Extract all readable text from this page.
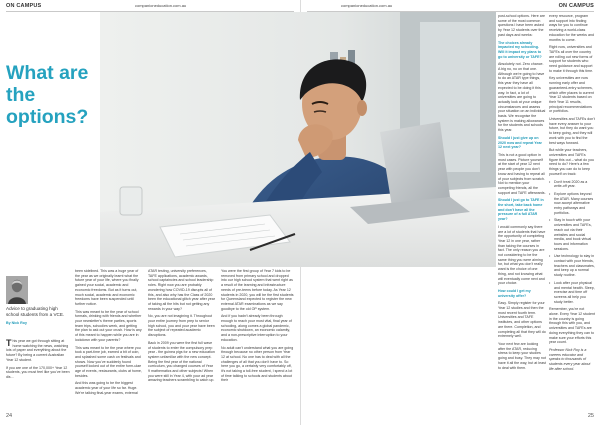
ON CAMPUS	companioneducation.com.au
What are the options?
Advice to graduating high school students from a VCE.
By Nick Roy

This year we got through sitting at home watching the news, watching lots of paper and everything about the future? By being a current Australian Year 12 student.

If you are one of the 170,000+ Year 12 students, you must feel like you've been dis...

been sidelined. This was a huge year of the year as we originally learnt what the future year of your life, where you finally gained your social, academic and economic freedoms. But as it turns out, much social, academic and economic freedoms have been suspended until further notice.

This was meant to be the year of school formals, drinking with friends and whether your newsletter's theme parties, sports team trips, schoolies week, and getting the plan to ask out your crush. How is any of this meant to happen while you are in lockdown with your parents?

This was meant to be the year where you took a part-time job, earned a bit of coin, and splashed some cash on festivals and shows. Now you've suddenly found yourself locked out of the entire form-ulae age of events, restaurants, clubs at home, besides.

And this was going to be the biggest academic year of your life so far. Huge. We're talking final-year exams, external

ATAR testing, university preferences, TAFE applications, academic awards, school captaincies and school leadership roles. Right now you are probably wondering how COVID-19 disrupts all of this, and also why has the Class of 2020 been the educational glitch year after year of taking all the hits but not getting any rewards in your way?

No, you are not imagining it. Throughout your entire journey from prep to senior high school, you and your year have been the subject of repeated academic disruptions.

Back in 2009 you were the first full wave of students to enter the compulsory prep year - the guinea pigs for a new education system unfamiliar with the new concept. Being the first year of the national curriculum, you changed courses of Year 9 mathematics and other subjects! When you were still in Year 4, with your ad year amazing teachers scrambling to catch up.

You were the first group of Year 7 kids to be removed from primary school and dropped into our high school system that went right as a result of the learning and infrastructure needs of pre-teens before today. As Year 12 students in 2020, you will be the first students for Queensland expected to register the new external ATAR examinations as we say goodbye to the old OP system.

And if you hadn't already been through enough to reach your most vital, final year of schooling, along comes a global pandemic, economic shutdown, an economic calamity, and a non-prescriptive interruption to your education.

No adult can't understand what you are going through because no other person from Year 12 at school. No one has to deal with all the challenges of all that you don't have to. So here you go, a certainly very comfortably off, it's not taking a toll-free student, I spend a lot of time talking to schools and students about their

24
companioneducation.com.au	ON CAMPUS
25

post-school options. Here are some of the most common questions I have been asked by Year 12 students over the past days and weeks:

The choices already impacted my schooling. Will it impact my plans to go to university or TAFE?

Absolutely not. Zero chance. A big no, no on that one. Although we're going to have to do an ATAR type things, this year they have all expected to be doing it this way. In fact, a lot of universities are going to actually look at your unique circumstances and assess your situation on an individual basis. We recognise the system is making allowances for the students and schools this year.

Should I just give up on 2020 now and repeat Year 12 next year?

This is not a good option in most cases. Picture yourself at the start of year 12 next year with people you don't know and having to repeat all of your subjects from scratch. Not to mention your competing friends, all the support and TAFE afterwards.

Should I just go to TAFE in the short, take back home and don't have all the pressure of a full ATAR year?

I would commonly say there are a lot of students that have the opportunity of completing Year 12 in one year, rather than taking the courses in fact. The only reason you are not considering to be the same thing you were aiming for, but what you don't really want is the choice of one thing, and not knowing what will eventually come next and your choice.

How could I get my university offer?

Easy. Simply register for your Year 12 studies and then the most recent fourth term. Universities and TAFE institutes, and other options are there. Completion, and completing all that they will do extremely well.

Your next few are looking after the ATAR, reducing stress to keep your studies going and busy. They may not have it all the way, but at least to deal with them.

every resource, program and support into finding ways for you to continue receiving a world-class education for the weeks and months to come.

Right now, universities and TAFEs all over the country are rolling out new forms of support for students who need guidance and support to make it through this time.

Key universities are now running early offer and guaranteed-entry schemes, which offer places to current Year 12 students based on their Year 11 results, principal recommendations or portfolios.

Universities and TAFEs don't have every answer to your future, but they do want you to keep going, and they will work with you to find the best ways forward.

But while your teachers, universities and TAFEs figure this out – what do you need to do? Here's a few things you can do to keep yourself on track:

• Don't treat 2020 as a write-off year.

• Explore options beyond the ATAR. Many courses now accept alternative entry pathways and portfolios.

• Stay in touch with your universities and TAFEs, reach out via their websites and social media, and book virtual tours and information sessions.

• Use technology to stay in contact with your friends, teachers and classmates, and keep up a normal study routine.

• Look after your physical and mental health. Sleep, exercise and time off screens all help you study better.

Remember, you're not alone. Every Year 12 student in the country is going through this with you, and universities and TAFEs are doing everything they can to make sure your efforts this year count.

Professor Nick Roy is a careers educator and speaks to thousands of students every year about life after school.
